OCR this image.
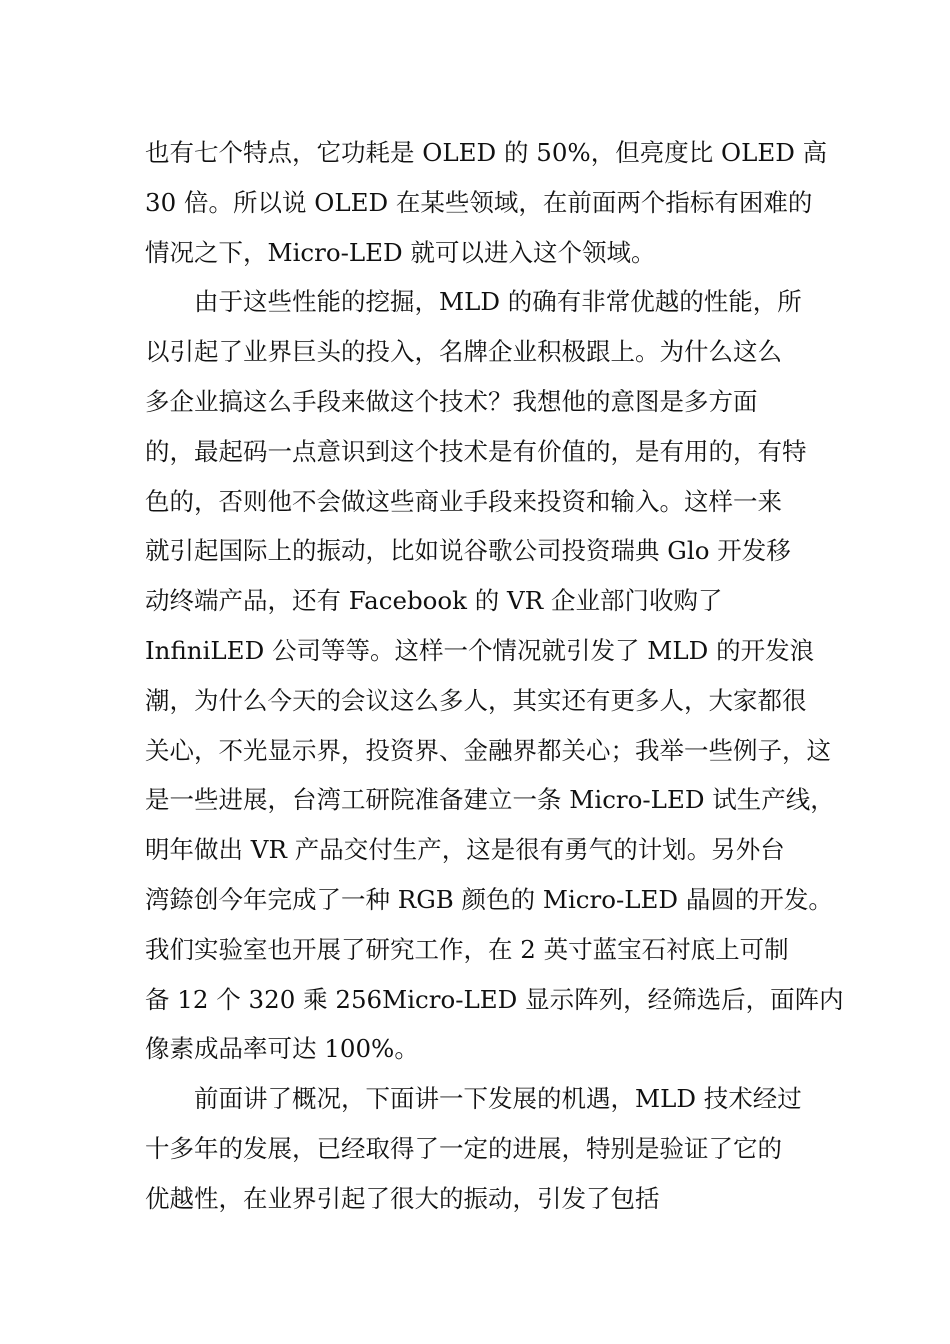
也有七个特点，它功耗是 OLED 的 50%，但亮度比 OLED 高
30 倍。所以说 OLED 在某些领域，在前面两个指标有困难的
情况之下，Micro-LED 就可以进入这个领域。

由于这些性能的挖掘，MLD 的确有非常优越的性能，所
以引起了业界巨头的投入，名牌企业积极跟上。为什么这么
多企业搞这么手段来做这个技术？我想他的意图是多方面
的，最起码一点意识到这个技术是有价值的，是有用的，有特
色的，否则他不会做这些商业手段来投资和输入。这样一来
就引起国际上的振动，比如说谷歌公司投资瑞典 Glo 开发移
动终端产品，还有 Facebook 的 VR 企业部门收购了
InfiniLED 公司等等。这样一个情况就引发了 MLD 的开发浪
潮，为什么今天的会议这么多人，其实还有更多人，大家都很
关心，不光显示界，投资界、金融界都关心；我举一些例子，这
是一些进展，台湾工研院准备建立一条 Micro-LED 试生产线，
明年做出 VR 产品交付生产，这是很有勇气的计划。另外台
湾錼创今年完成了一种 RGB 颜色的 Micro-LED 晶圆的开发。
我们实验室也开展了研究工作，在 2 英寸蓝宝石衬底上可制
备 12 个 320 乘 256Micro-LED 显示阵列，经筛选后，面阵内
像素成品率可达 100%。

前面讲了概况，下面讲一下发展的机遇，MLD 技术经过
十多年的发展，已经取得了一定的进展，特别是验证了它的
优越性，在业界引起了很大的振动，引发了包括
